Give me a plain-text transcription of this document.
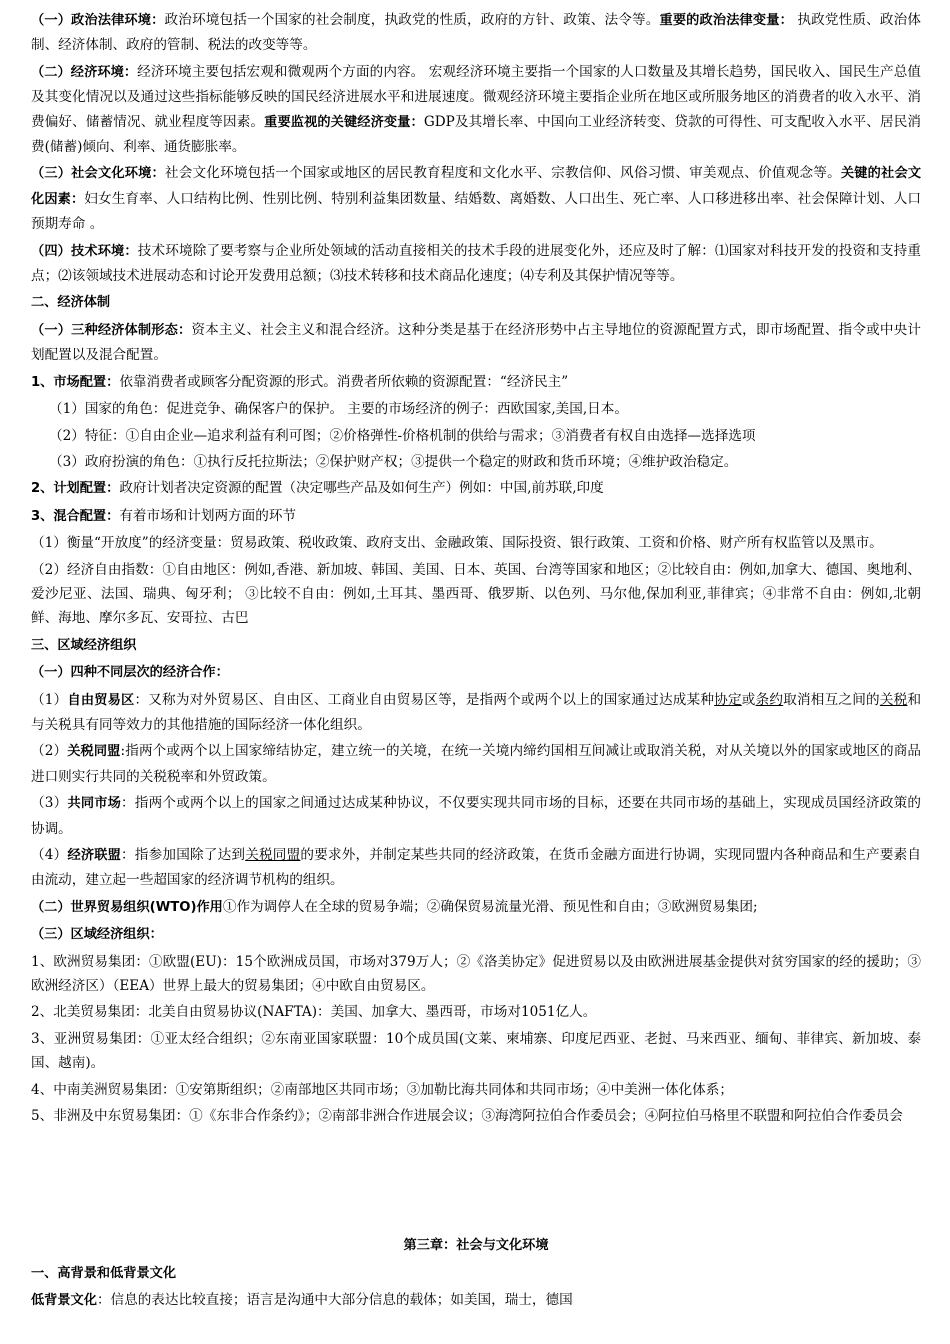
（一）政治法律环境：政治环境包括一个国家的社会制度，执政党的性质，政府的方针、政策、法令等。重要的政治法律变量： 执政党性质、政治体制、经济体制、政府的管制、税法的改变等等。

（二）经济环境：经济环境主要包括宏观和微观两个方面的内容。 宏观经济环境主要指一个国家的人口数量及其增长趋势，国民收入、国民生产总值及其变化情况以及通过这些指标能够反映的国民经济进展水平和进展速度。微观经济环境主要指企业所在地区或所服务地区的消费者的收入水平、消费偏好、储蓄情况、就业程度等因素。重要监视的关键经济变量：GDP及其增长率、中国向工业经济转变、贷款的可得性、可支配收入水平、居民消费(储蓄)倾向、利率、通货膨胀率。

（三）社会文化环境：社会文化环境包括一个国家或地区的居民教育程度和文化水平、宗教信仰、风俗习惯、审美观点、价值观念等。关键的社会文化因素：妇女生育率、人口结构比例、性别比例、特别利益集团数量、结婚数、离婚数、人口出生、死亡率、人口移进移出率、社会保障计划、人口预期寿命 。

（四）技术环境：技术环境除了要考察与企业所处领域的活动直接相关的技术手段的进展变化外，还应及时了解：⑴国家对科技开发的投资和支持重点；⑵该领域技术进展动态和讨论开发费用总额；⑶技术转移和技术商品化速度；⑷专利及其保护情况等等。

二、经济体制

（一）三种经济体制形态：资本主义、社会主义和混合经济。这种分类是基于在经济形势中占主导地位的资源配置方式，即市场配置、指令或中央计划配置以及混合配置。

1、市场配置：依靠消费者或顾客分配资源的形式。消费者所依赖的资源配置：“经济民主”

（1）国家的角色：促进竞争、确保客户的保护。 主要的市场经济的例子：西欧国家,美国,日本。

（2）特征：①自由企业—追求利益有利可图；②价格弹性-价格机制的供给与需求；③消费者有权自由选择—选择选项

（3）政府扮演的角色：①执行反托拉斯法；②保护财产权；③提供一个稳定的财政和货币环境；④维护政治稳定。

2、计划配置：政府计划者决定资源的配置（决定哪些产品及如何生产）例如：中国,前苏联,印度

3、混合配置：有着市场和计划两方面的环节

（1）衡量“开放度”的经济变量：贸易政策、税收政策、政府支出、金融政策、国际投资、银行政策、工资和价格、财产所有权监管以及黑市。

（2）经济自由指数：①自由地区：例如,香港、新加坡、韩国、美国、日本、英国、台湾等国家和地区；②比较自由：例如,加拿大、德国、奥地利、爱沙尼亚、法国、瑞典、匈牙利； ③比较不自由：例如,土耳其、墨西哥、俄罗斯、以色列、马尔他,保加利亚,菲律宾；④非常不自由：例如,北朝鲜、海地、摩尔多瓦、安哥拉、古巴

三、区域经济组织

（一）四种不同层次的经济合作：

（1）自由贸易区：又称为对外贸易区、自由区、工商业自由贸易区等，是指两个或两个以上的国家通过达成某种协定或条约取消相互之间的关税和与关税具有同等效力的其他措施的国际经济一体化组织。

（2）关税同盟:指两个或两个以上国家缔结协定，建立统一的关境，在统一关境内缔约国相互间减让或取消关税，对从关境以外的国家或地区的商品进口则实行共同的关税税率和外贸政策。

（3）共同市场：指两个或两个以上的国家之间通过达成某种协议，不仅要实现共同市场的目标，还要在共同市场的基础上，实现成员国经济政策的协调。

（4）经济联盟：指参加国除了达到关税同盟的要求外，并制定某些共同的经济政策，在货币金融方面进行协调，实现同盟内各种商品和生产要素自由流动，建立起一些超国家的经济调节机构的组织。

（二）世界贸易组织(WTO)作用①作为调停人在全球的贸易争端；②确保贸易流量光滑、预见性和自由；③欧洲贸易集团;

（三）区域经济组织：

1、欧洲贸易集团：①欧盟(EU)：15个欧洲成员国，市场对379万人；②《洛美协定》促进贸易以及由欧洲进展基金提供对贫穷国家的经的援助；③欧洲经济区）（EEA）世界上最大的贸易集团；④中欧自由贸易区。

2、北美贸易集团：北美自由贸易协议(NAFTA)：美国、加拿大、墨西哥，市场对1051亿人。

3、亚洲贸易集团：①亚太经合组织；②东南亚国家联盟：10个成员国(文莱、柬埔寨、印度尼西亚、老挝、马来西亚、缅甸、菲律宾、新加坡、泰国、越南)。

4、中南美洲贸易集团：①安第斯组织；②南部地区共同市场；③加勒比海共同体和共同市场；④中美洲一体化体系；

5、非洲及中东贸易集团：①《东非合作条约》；②南部非洲合作进展会议；③海湾阿拉伯合作委员会；④阿拉伯马格里不联盟和阿拉伯合作委员会

第三章：社会与文化环境

一、高背景和低背景文化

低背景文化：信息的表达比较直接；语言是沟通中大部分信息的载体；如美国，瑞士，德国
